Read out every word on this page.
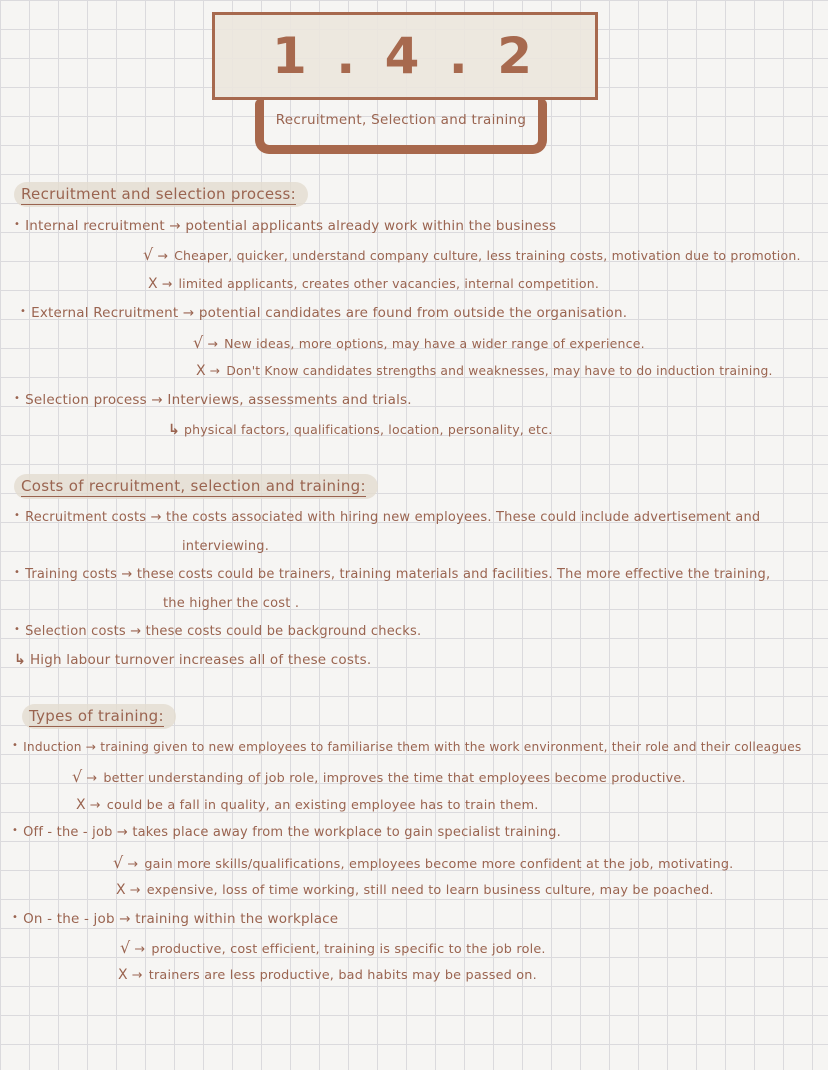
1 . 4 . 2
Recruitment, Selection and training
Recruitment and selection process:
• Internal recruitment → potential applicants already work within the business
√ → Cheaper, quicker, understand company culture, less training costs, motivation due to promotion.
X → limited applicants, creates other vacancies, internal competition.
• External Recruitment → potential candidates are found from outside the organisation.
√ → New ideas, more options, may have a wider range of experience.
X → Don't Know candidates strengths and weaknesses, may have to do induction training.
• Selection process → Interviews, assessments and trials.
↳ physical factors, qualifications, location, personality, etc.
Costs of recruitment, selection and training:
• Recruitment costs → the costs associated with hiring new employees. These could include advertisement and
interviewing.
• Training costs → these costs could be trainers, training materials and facilities. The more effective the training,
the higher the cost .
• Selection costs → these costs could be background checks.
↳ High labour turnover increases all of these costs.
Types of training:
• Induction → training given to new employees to familiarise them with the work environment, their role and their colleagues
√ → better understanding of job role, improves the time that employees become productive.
X → could be a fall in quality, an existing employee has to train them.
• Off - the - job → takes place away from the workplace to gain specialist training.
√ → gain more skills/qualifications, employees become more confident at the job, motivating.
X → expensive, loss of time working, still need to learn business culture, may be poached.
• On - the - job → training within the workplace
√ → productive, cost efficient, training is specific to the job role.
X → trainers are less productive, bad habits may be passed on.
